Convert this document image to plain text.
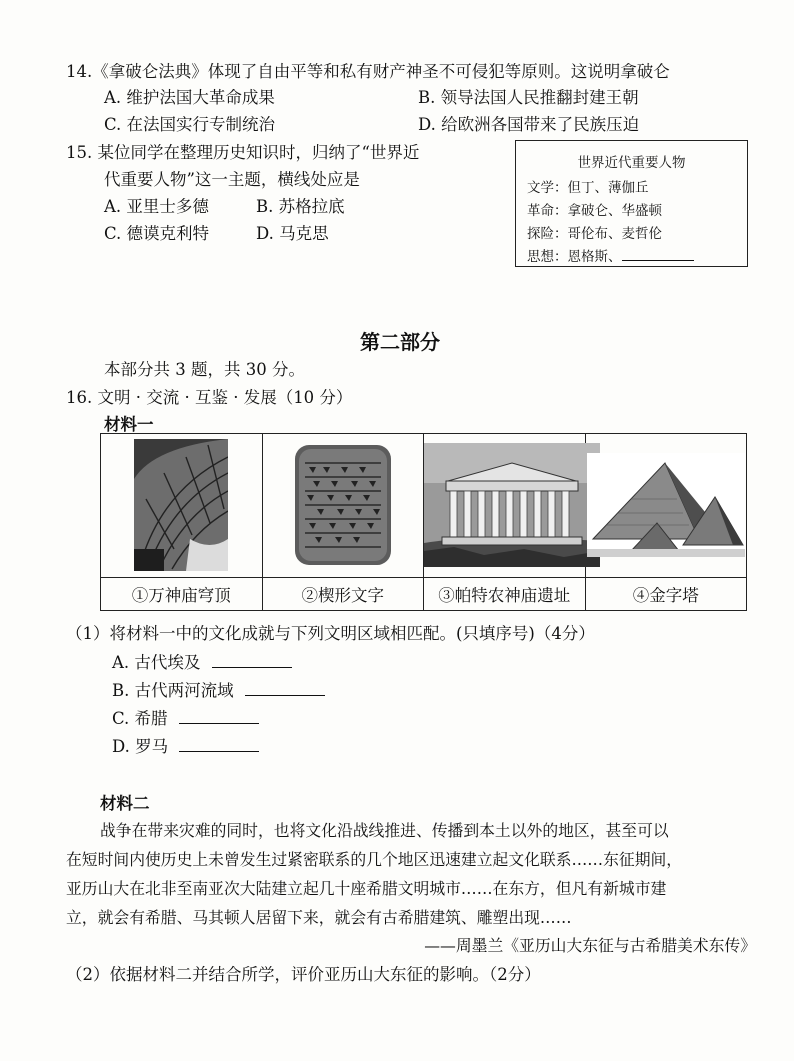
14.《拿破仑法典》体现了自由平等和私有财产神圣不可侵犯等原则。这说明拿破仑
A. 维护法国大革命成果	B. 领导法国人民推翻封建王朝
C. 在法国实行专制统治	D. 给欧洲各国带来了民族压迫
15. 某位同学在整理历史知识时，归纳了“世界近
代重要人物”这一主题，横线处应是
A. 亚里士多德	B. 苏格拉底
C. 德谟克利特	D. 马克思
世界近代重要人物
文学：但丁、薄伽丘
革命：拿破仑、华盛顿
探险：哥伦布、麦哲伦
思想：恩格斯、
第二部分
本部分共 3 题，共 30 分。
16. 文明 · 交流 · 互鉴 · 发展（10 分）
材料一

①万神庙穹顶	②楔形文字	③帕特农神庙遗址	④金字塔
（1）将材料一中的文化成就与下列文明区域相匹配。(只填序号)（4分）
A. 古代埃及
B. 古代两河流域
C. 希腊
D. 罗马
材料二
战争在带来灾难的同时，也将文化沿战线推进、传播到本土以外的地区，甚至可以
在短时间内使历史上未曾发生过紧密联系的几个地区迅速建立起文化联系……东征期间，
亚历山大在北非至南亚次大陆建立起几十座希腊文明城市……在东方，但凡有新城市建
立，就会有希腊、马其顿人居留下来，就会有古希腊建筑、雕塑出现……
——周墨兰《亚历山大东征与古希腊美术东传》
（2）依据材料二并结合所学，评价亚历山大东征的影响。（2分）
